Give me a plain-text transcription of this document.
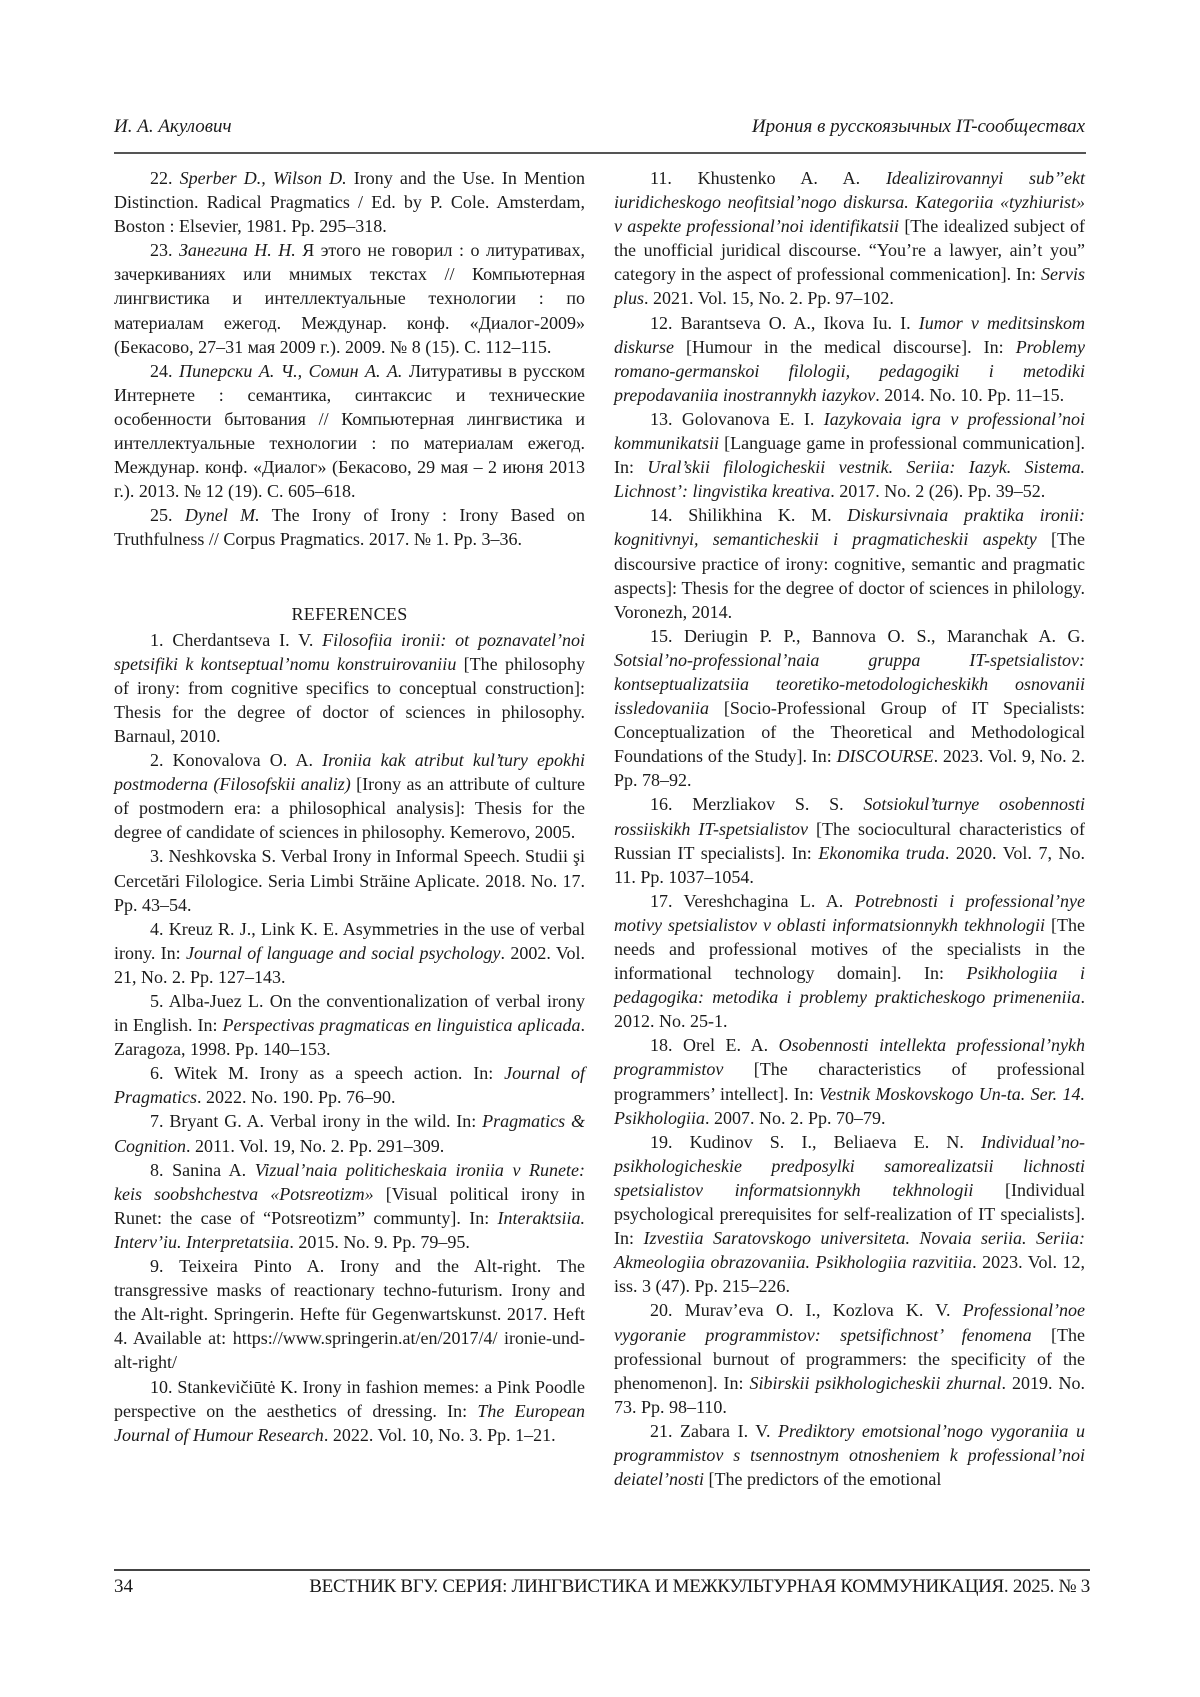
И. А. Акулович	Ирония в русскоязычных IT-сообществах

22. Sperber D., Wilson D. Irony and the Use. In Mention Distinction. Radical Pragmatics / Ed. by P. Cole. Amsterdam, Boston : Elsevier, 1981. Pp. 295–318.

23. Занегина Н. Н. Я этого не говорил : о литуративах, зачеркиваниях или мнимых текстах // Компьютерная лингвистика и интеллектуальные технологии : по материалам ежегод. Междунар. конф. «Диалог-2009» (Бекасово, 27–31 мая 2009 г.). 2009. № 8 (15). С. 112–115.

24. Пиперски А. Ч., Сомин А. А. Литуративы в русском Интернете : семантика, синтаксис и технические особенности бытования // Компьютерная лингвистика и интеллектуальные технологии : по материалам ежегод. Междунар. конф. «Диалог» (Бекасово, 29 мая – 2 июня 2013 г.). 2013. № 12 (19). С. 605–618.

25. Dynel M. The Irony of Irony : Irony Based on Truthfulness // Corpus Pragmatics. 2017. № 1. Pp. 3–36.

REFERENCES

1. Cherdantseva I. V. Filosofiia ironii: ot poznavatel’noi spetsifiki k kontseptual’nomu konstruirovaniiu [The philosophy of irony: from cognitive specifics to conceptual construction]: Thesis for the degree of doctor of sciences in philosophy. Barnaul, 2010.

2. Konovalova O. A. Ironiia kak atribut kul’tury epokhi postmoderna (Filosofskii analiz) [Irony as an attribute of culture of postmodern era: a philosophical analysis]: Thesis for the degree of candidate of sciences in philosophy. Kemerovo, 2005.

3. Neshkovska S. Verbal Irony in Informal Speech. Studii şi Cercetări Filologice. Seria Limbi Străine Aplicate. 2018. No. 17. Pp. 43–54.

4. Kreuz R. J., Link K. E. Asymmetries in the use of verbal irony. In: Journal of language and social psychology. 2002. Vol. 21, No. 2. Pp. 127–143.

5. Alba-Juez L. On the conventionalization of verbal irony in English. In: Perspectivas pragmaticas en linguistica aplicada. Zaragoza, 1998. Pp. 140–153.

6. Witek M. Irony as a speech action. In: Journal of Pragmatics. 2022. No. 190. Pp. 76–90.

7. Bryant G. A. Verbal irony in the wild. In: Pragmatics & Cognition. 2011. Vol. 19, No. 2. Pp. 291–309.

8. Sanina A. Vizual’naia politicheskaia ironiia v Runete: keis soobshchestva «Potsreotizm» [Visual political irony in Runet: the case of “Potsreotizm” communty]. In: Interaktsiia. Interv’iu. Interpretatsiia. 2015. No. 9. Pp. 79–95.

9. Teixeira Pinto A. Irony and the Alt-right. The transgressive masks of reactionary techno-futurism. Irony and the Alt-right. Springerin. Hefte für Gegenwartskunst. 2017. Heft 4. Available at: https://www.springerin.at/en/2017/4/ ironie-und-alt-right/

10. Stankevičiūtė K. Irony in fashion memes: a Pink Poodle perspective on the aesthetics of dressing. In: The European Journal of Humour Research. 2022. Vol. 10, No. 3. Pp. 1–21.

11. Khustenko A. A. Idealizirovannyi sub’’ekt iuridicheskogo neofitsial’nogo diskursa. Kategoriia «tyzhiurist» v aspekte professional’noi identifikatsii [The idealized subject of the unofficial juridical discourse. “You’re a lawyer, ain’t you” category in the aspect of professional commenication]. In: Servis plus. 2021. Vol. 15, No. 2. Pp. 97–102.

12. Barantseva O. A., Ikova Iu. I. Iumor v meditsinskom diskurse [Humour in the medical discourse]. In: Problemy romano-germanskoi filologii, pedagogiki i metodiki prepodavaniia inostrannykh iazykov. 2014. No. 10. Pp. 11–15.

13. Golovanova E. I. Iazykovaia igra v professional’noi kommunikatsii [Language game in professional communication]. In: Ural’skii filologicheskii vestnik. Seriia: Iazyk. Sistema. Lichnost’: lingvistika kreativa. 2017. No. 2 (26). Pp. 39–52.

14. Shilikhina K. M. Diskursivnaia praktika ironii: kognitivnyi, semanticheskii i pragmaticheskii aspekty [The discoursive practice of irony: cognitive, semantic and pragmatic aspects]: Thesis for the degree of doctor of sciences in philology. Voronezh, 2014.

15. Deriugin P. P., Bannova O. S., Maranchak A. G. Sotsial’no-professional’naia gruppa IT-spetsialistov: kontseptualizatsiia teoretiko-metodologicheskikh osnovanii issledovaniia [Socio-Professional Group of IT Specialists: Conceptualization of the Theoretical and Methodological Foundations of the Study]. In: DISCOURSE. 2023. Vol. 9, No. 2. Pp. 78–92.

16. Merzliakov S. S. Sotsiokul’turnye osobennosti rossiiskikh IT-spetsialistov [The sociocultural characteristics of Russian IT specialists]. In: Ekonomika truda. 2020. Vol. 7, No. 11. Pp. 1037–1054.

17. Vereshchagina L. A. Potrebnosti i professional’nye motivy spetsialistov v oblasti informatsionnykh tekhnologii [The needs and professional motives of the specialists in the informational technology domain]. In: Psikhologiia i pedagogika: metodika i problemy prakticheskogo primeneniia. 2012. No. 25-1.

18. Orel E. A. Osobennosti intellekta professional’nykh programmistov [The characteristics of professional programmers’ intellect]. In: Vestnik Moskovskogo Un-ta. Ser. 14. Psikhologiia. 2007. No. 2. Pp. 70–79.

19. Kudinov S. I., Beliaeva E. N. Individual’no-psikhologicheskie predposylki samorealizatsii lichnosti spetsialistov informatsionnykh tekhnologii [Individual psychological prerequisites for self-realization of IT specialists]. In: Izvestiia Saratovskogo universiteta. Novaia seriia. Seriia: Akmeologiia obrazovaniia. Psikhologiia razvitiia. 2023. Vol. 12, iss. 3 (47). Pp. 215–226.

20. Murav’eva O. I., Kozlova K. V. Professional’noe vygoranie programmistov: spetsifichnost’ fenomena [The professional burnout of programmers: the specificity of the phenomenon]. In: Sibirskii psikhologicheskii zhurnal. 2019. No. 73. Pp. 98–110.

21. Zabara I. V. Prediktory emotsional’nogo vygoraniia u programmistov s tsennostnym otnosheniem k professional’noi deiatel’nosti [The predictors of the emotional

34	ВЕСТНИК ВГУ. СЕРИЯ: ЛИНГВИСТИКА И МЕЖКУЛЬТУРНАЯ КОММУНИКАЦИЯ. 2025. № 3
